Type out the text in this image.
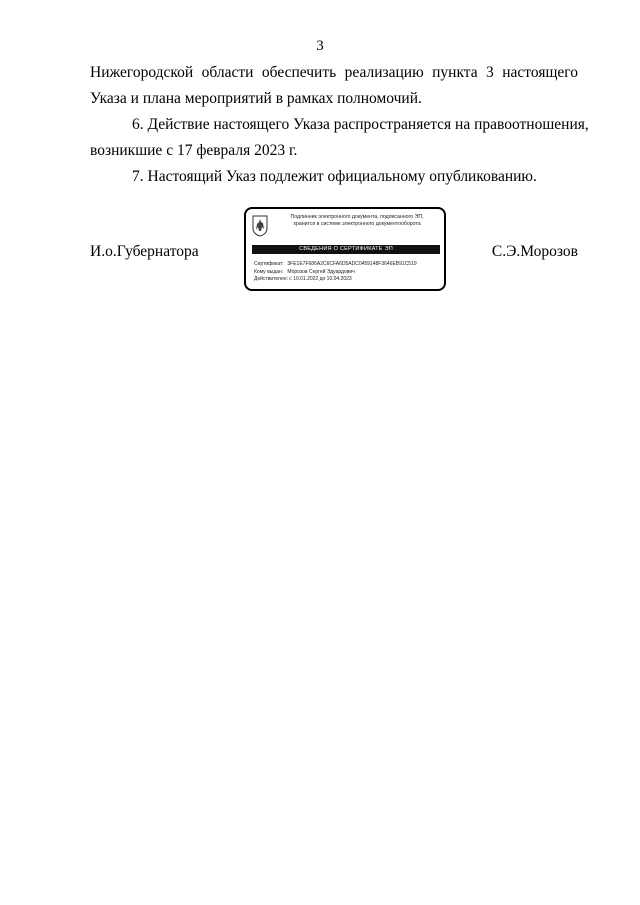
3
Нижегородской области обеспечить реализацию пункта 3 настоящего
Указа и плана мероприятий в рамках полномочий.
6. Действие настоящего Указа распространяется на правоотношения,
возникшие с 17 февраля 2023 г.
7. Настоящий Указ подлежит официальному опубликованию.
И.о.Губернатора	С.Э.Морозов
Подлинник электронного документа, подписанного ЭП,
хранится в системе электронного документооборота
СВЕДЕНИЯ О СЕРТИФИКАТЕ ЭП
Сертификат: 3FE1E7F686A2C6CFA6D5ADC0459148F3646EB91C519
Кому выдан: Морозов Сергей Эдуардович
Действителен: с 10.01.2022 до 10.04.2023
